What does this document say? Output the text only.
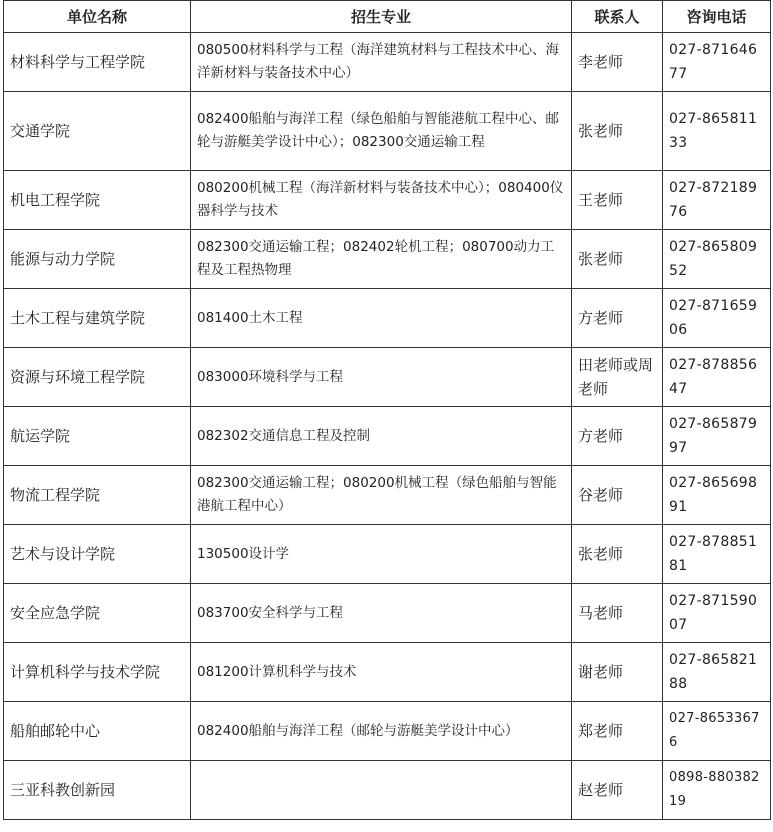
单位名称	招生专业	联系人	咨询电话
材料科学与工程学院	080500材料科学与工程（海洋建筑材料与工程技术中心、海洋新材料与装备技术中心）	李老师	027-87164677
交通学院	082400船舶与海洋工程（绿色船舶与智能港航工程中心、邮轮与游艇美学设计中心）；082300交通运输工程	张老师	027-86581133
机电工程学院	080200机械工程（海洋新材料与装备技术中心）；080400仪器科学与技术	王老师	027-87218976
能源与动力学院	082300交通运输工程；082402轮机工程；080700动力工程及工程热物理	张老师	027-86580952
土木工程与建筑学院	081400土木工程	方老师	027-87165906
资源与环境工程学院	083000环境科学与工程	田老师或周老师	027-87885647
航运学院	082302交通信息工程及控制	方老师	027-86587997
物流工程学院	082300交通运输工程；080200机械工程（绿色船舶与智能港航工程中心）	谷老师	027-86569891
艺术与设计学院	130500设计学	张老师	027-87885181
安全应急学院	083700安全科学与工程	马老师	027-87159007
计算机科学与技术学院	081200计算机科学与技术	谢老师	027-86582188
船舶邮轮中心	082400船舶与海洋工程（邮轮与游艇美学设计中心）	郑老师	027-86533676
三亚科教创新园		赵老师	0898-88038219
